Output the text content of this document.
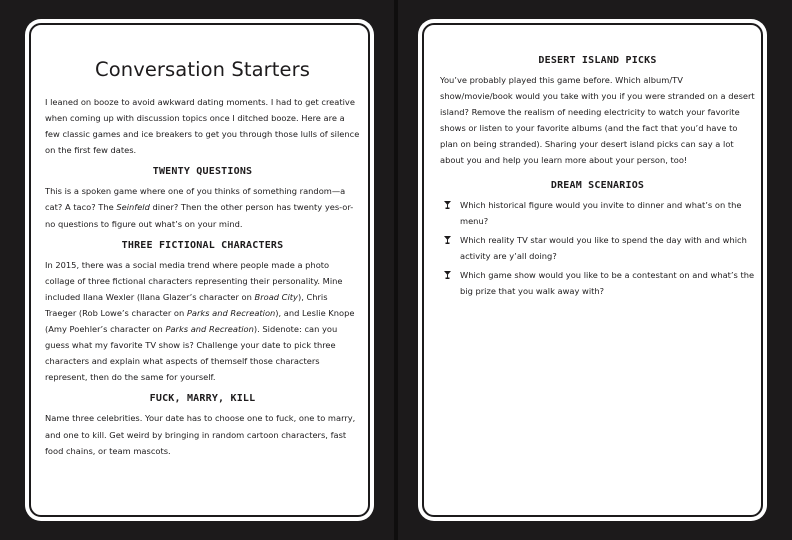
Conversation Starters

I leaned on booze to avoid awkward dating moments. I had to get creative when coming up with discussion topics once I ditched booze. Here are a few classic games and ice breakers to get you through those lulls of silence on the first few dates.

TWENTY QUESTIONS

This is a spoken game where one of you thinks of something random—a cat? A taco? The Seinfeld diner? Then the other person has twenty yes-or-no questions to figure out what’s on your mind.

THREE FICTIONAL CHARACTERS

In 2015, there was a social media trend where people made a photo collage of three fictional characters representing their personality. Mine included Ilana Wexler (Ilana Glazer’s character on Broad City), Chris Traeger (Rob Lowe’s character on Parks and Recreation), and Leslie Knope (Amy Poehler’s character on Parks and Recreation). Sidenote: can you guess what my favorite TV show is? Challenge your date to pick three characters and explain what aspects of themself those characters represent, then do the same for yourself.

FUCK, MARRY, KILL

Name three celebrities. Your date has to choose one to fuck, one to marry, and one to kill. Get weird by bringing in random cartoon characters, fast food chains, or team mascots.

DESERT ISLAND PICKS

You’ve probably played this game before. Which album/TV show/movie/book would you take with you if you were stranded on a desert island? Remove the realism of needing electricity to watch your favorite shows or listen to your favorite albums (and the fact that you’d have to plan on being stranded). Sharing your desert island picks can say a lot about you and help you learn more about your person, too!

DREAM SCENARIOS
Which historical figure would you invite to dinner and what’s on the menu?
Which reality TV star would you like to spend the day with and which activity are y’all doing?
Which game show would you like to be a contestant on and what’s the big prize that you walk away with?
